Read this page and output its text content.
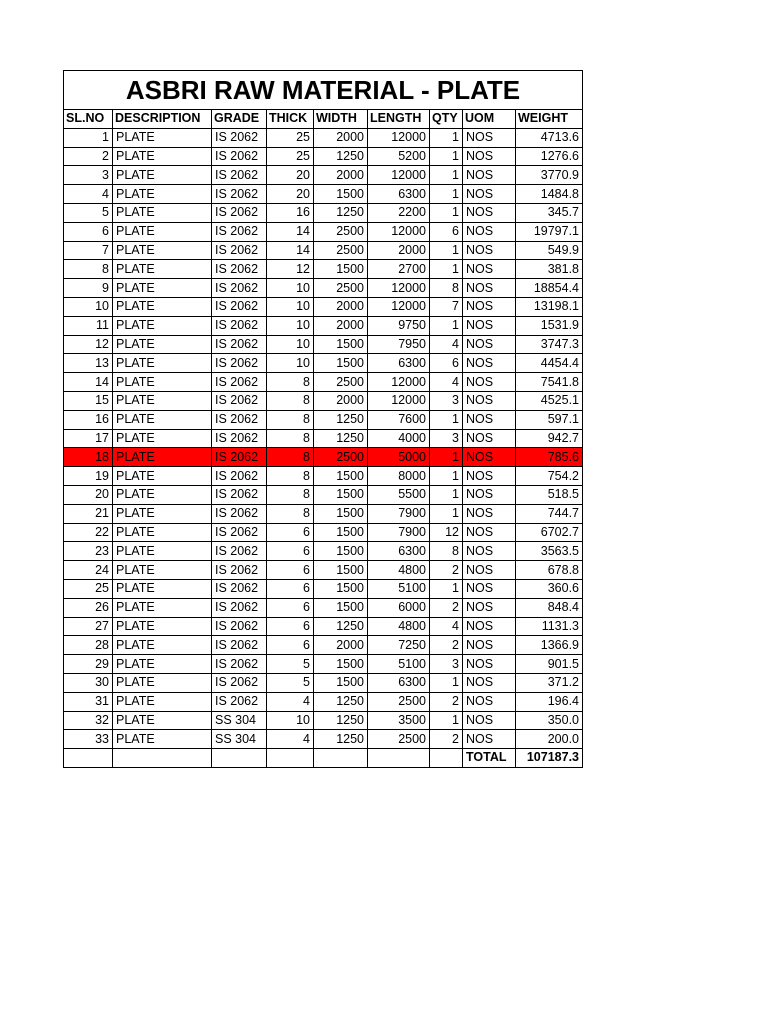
ASBRI RAW MATERIAL - PLATE								
SL.NO	DESCRIPTION	GRADE	THICK	WIDTH	LENGTH	QTY	UOM	WEIGHT
1	PLATE	IS 2062	25	2000	12000	1	NOS	4713.6
2	PLATE	IS 2062	25	1250	5200	1	NOS	1276.6
3	PLATE	IS 2062	20	2000	12000	1	NOS	3770.9
4	PLATE	IS 2062	20	1500	6300	1	NOS	1484.8
5	PLATE	IS 2062	16	1250	2200	1	NOS	345.7
6	PLATE	IS 2062	14	2500	12000	6	NOS	19797.1
7	PLATE	IS 2062	14	2500	2000	1	NOS	549.9
8	PLATE	IS 2062	12	1500	2700	1	NOS	381.8
9	PLATE	IS 2062	10	2500	12000	8	NOS	18854.4
10	PLATE	IS 2062	10	2000	12000	7	NOS	13198.1
11	PLATE	IS 2062	10	2000	9750	1	NOS	1531.9
12	PLATE	IS 2062	10	1500	7950	4	NOS	3747.3
13	PLATE	IS 2062	10	1500	6300	6	NOS	4454.4
14	PLATE	IS 2062	8	2500	12000	4	NOS	7541.8
15	PLATE	IS 2062	8	2000	12000	3	NOS	4525.1
16	PLATE	IS 2062	8	1250	7600	1	NOS	597.1
17	PLATE	IS 2062	8	1250	4000	3	NOS	942.7
18	PLATE	IS 2062	8	2500	5000	1	NOS	785.6
19	PLATE	IS 2062	8	1500	8000	1	NOS	754.2
20	PLATE	IS 2062	8	1500	5500	1	NOS	518.5
21	PLATE	IS 2062	8	1500	7900	1	NOS	744.7
22	PLATE	IS 2062	6	1500	7900	12	NOS	6702.7
23	PLATE	IS 2062	6	1500	6300	8	NOS	3563.5
24	PLATE	IS 2062	6	1500	4800	2	NOS	678.8
25	PLATE	IS 2062	6	1500	5100	1	NOS	360.6
26	PLATE	IS 2062	6	1500	6000	2	NOS	848.4
27	PLATE	IS 2062	6	1250	4800	4	NOS	1131.3
28	PLATE	IS 2062	6	2000	7250	2	NOS	1366.9
29	PLATE	IS 2062	5	1500	5100	3	NOS	901.5
30	PLATE	IS 2062	5	1500	6300	1	NOS	371.2
31	PLATE	IS 2062	4	1250	2500	2	NOS	196.4
32	PLATE	SS 304	10	1250	3500	1	NOS	350.0
33	PLATE	SS 304	4	1250	2500	2	NOS	200.0
							TOTAL	107187.3
